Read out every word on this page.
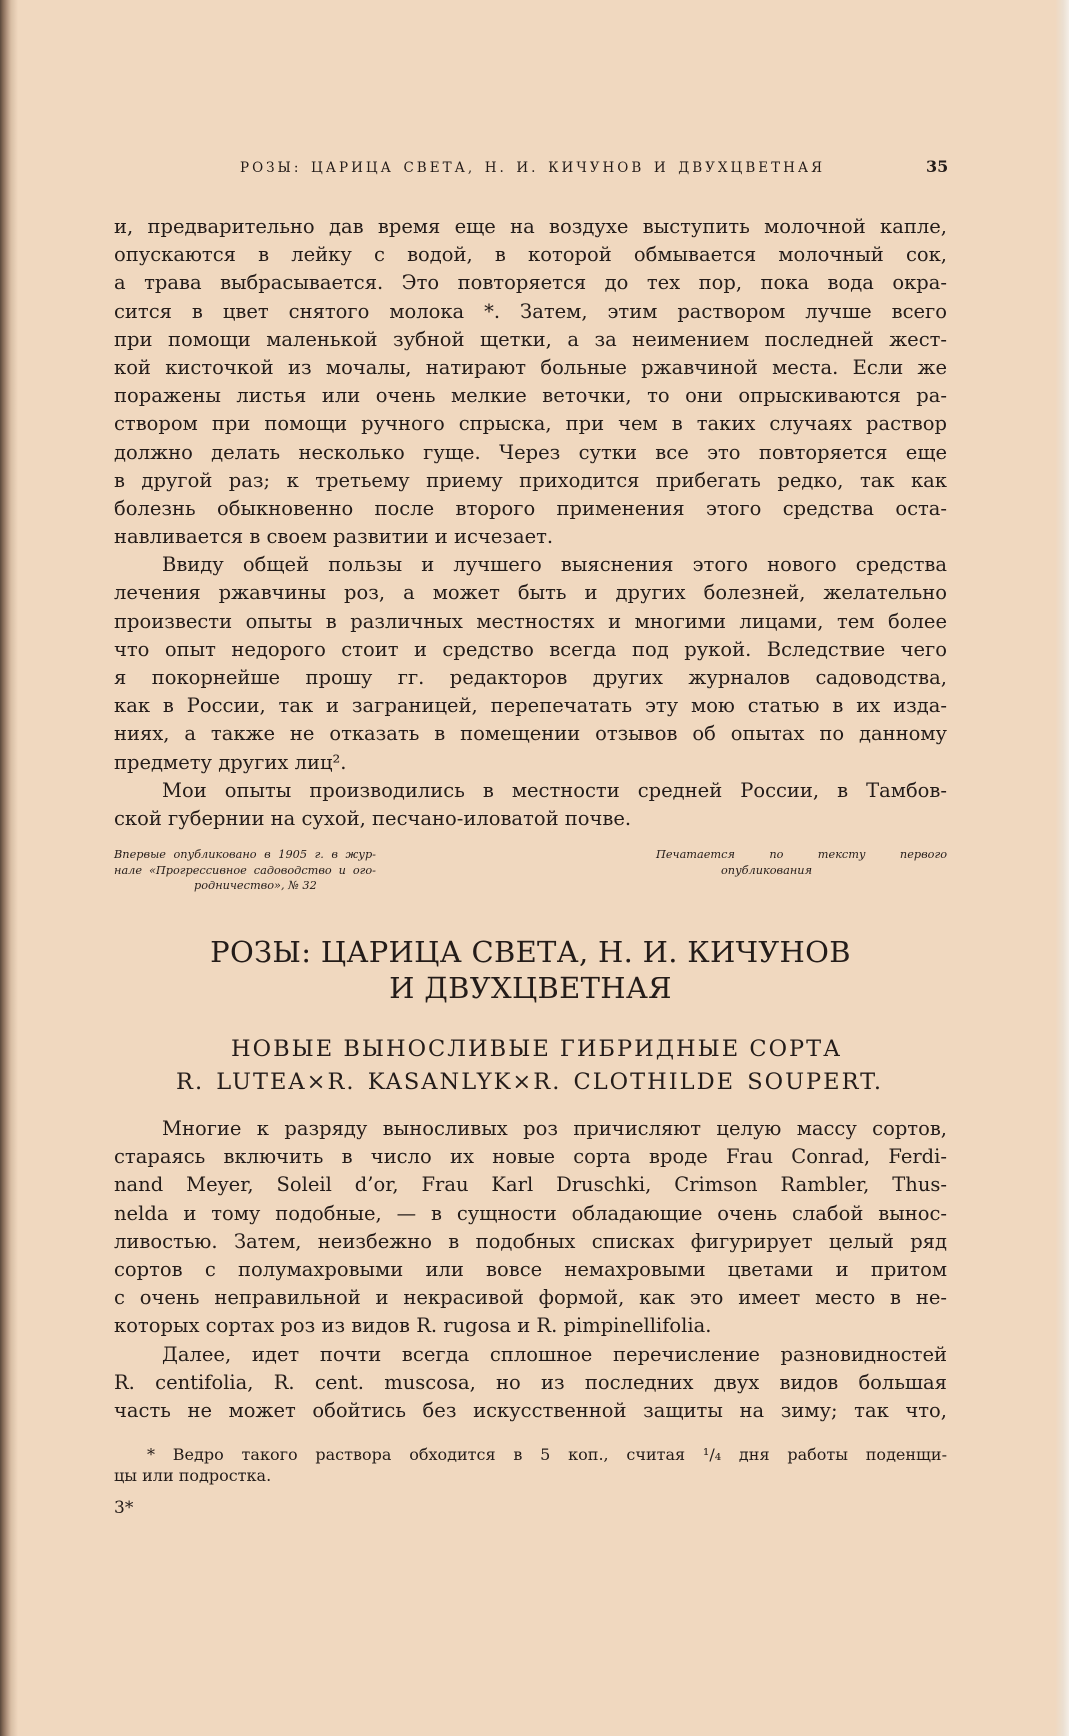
РОЗЫ: ЦАРИЦА СВЕТА, Н. И. КИЧУНОВ И ДВУХЦВЕТНАЯ	35
и, предварительно дав время еще на воздухе выступить молочной капле,
опускаются в лейку с водой, в которой обмывается молочный сок,
а трава выбрасывается. Это повторяется до тех пор, пока вода окра-
сится в цвет снятого молока *. Затем, этим раствором лучше всего
при помощи маленькой зубной щетки, а за неимением последней жест-
кой кисточкой из мочалы, натирают больные ржавчиной места. Если же
поражены листья или очень мелкие веточки, то они опрыскиваются ра-
створом при помощи ручного спрыска, при чем в таких случаях раствор
должно делать несколько гуще. Через сутки все это повторяется еще
в другой раз; к третьему приему приходится прибегать редко, так как
болезнь обыкновенно после второго применения этого средства оста-
навливается в своем развитии и исчезает.
Ввиду общей пользы и лучшего выяснения этого нового средства
лечения ржавчины роз, а может быть и других болезней, желательно
произвести опыты в различных местностях и многими лицами, тем более
что опыт недорого стоит и средство всегда под рукой. Вследствие чего
я покорнейше прошу гг. редакторов других журналов садоводства,
как в России, так и заграницей, перепечатать эту мою статью в их изда-
ниях, а также не отказать в помещении отзывов об опытах по данному
предмету других лиц².
Мои опыты производились в местности средней России, в Тамбов-
ской губернии на сухой, песчано-иловатой почве.
Впервые опубликовано в 1905 г. в жур-
нале «Прогрессивное садоводство и ого-
родничество», № 32
Печатается по тексту первого
опубликования
РОЗЫ: ЦАРИЦА СВЕТА, Н. И. КИЧУНОВ
И ДВУХЦВЕТНАЯ
НОВЫЕ ВЫНОСЛИВЫЕ ГИБРИДНЫЕ СОРТА
R. LUTEA×R. KASANLYK×R. CLOTHILDE SOUPERT.
Многие к разряду выносливых роз причисляют целую массу сортов,
стараясь включить в число их новые сорта вроде Frau Conrad, Ferdi-
nand Meyer, Soleil d’or, Frau Karl Druschki, Crimson Rambler, Thus-
nelda и тому подобные, — в сущности обладающие очень слабой вынос-
ливостью. Затем, неизбежно в подобных списках фигурирует целый ряд
сортов с полумахровыми или вовсе немахровыми цветами и притом
с очень неправильной и некрасивой формой, как это имеет место в не-
которых сортах роз из видов R. rugosa и R. pimpinellifolia.
Далее, идет почти всегда сплошное перечисление разновидностей
R. centifolia, R. cent. muscosa, но из последних двух видов большая
часть не может обойтись без искусственной защиты на зиму; так что,
* Ведро такого раствора обходится в 5 коп., считая ¹/₄ дня работы поденщи-
цы или подростка.
3*
